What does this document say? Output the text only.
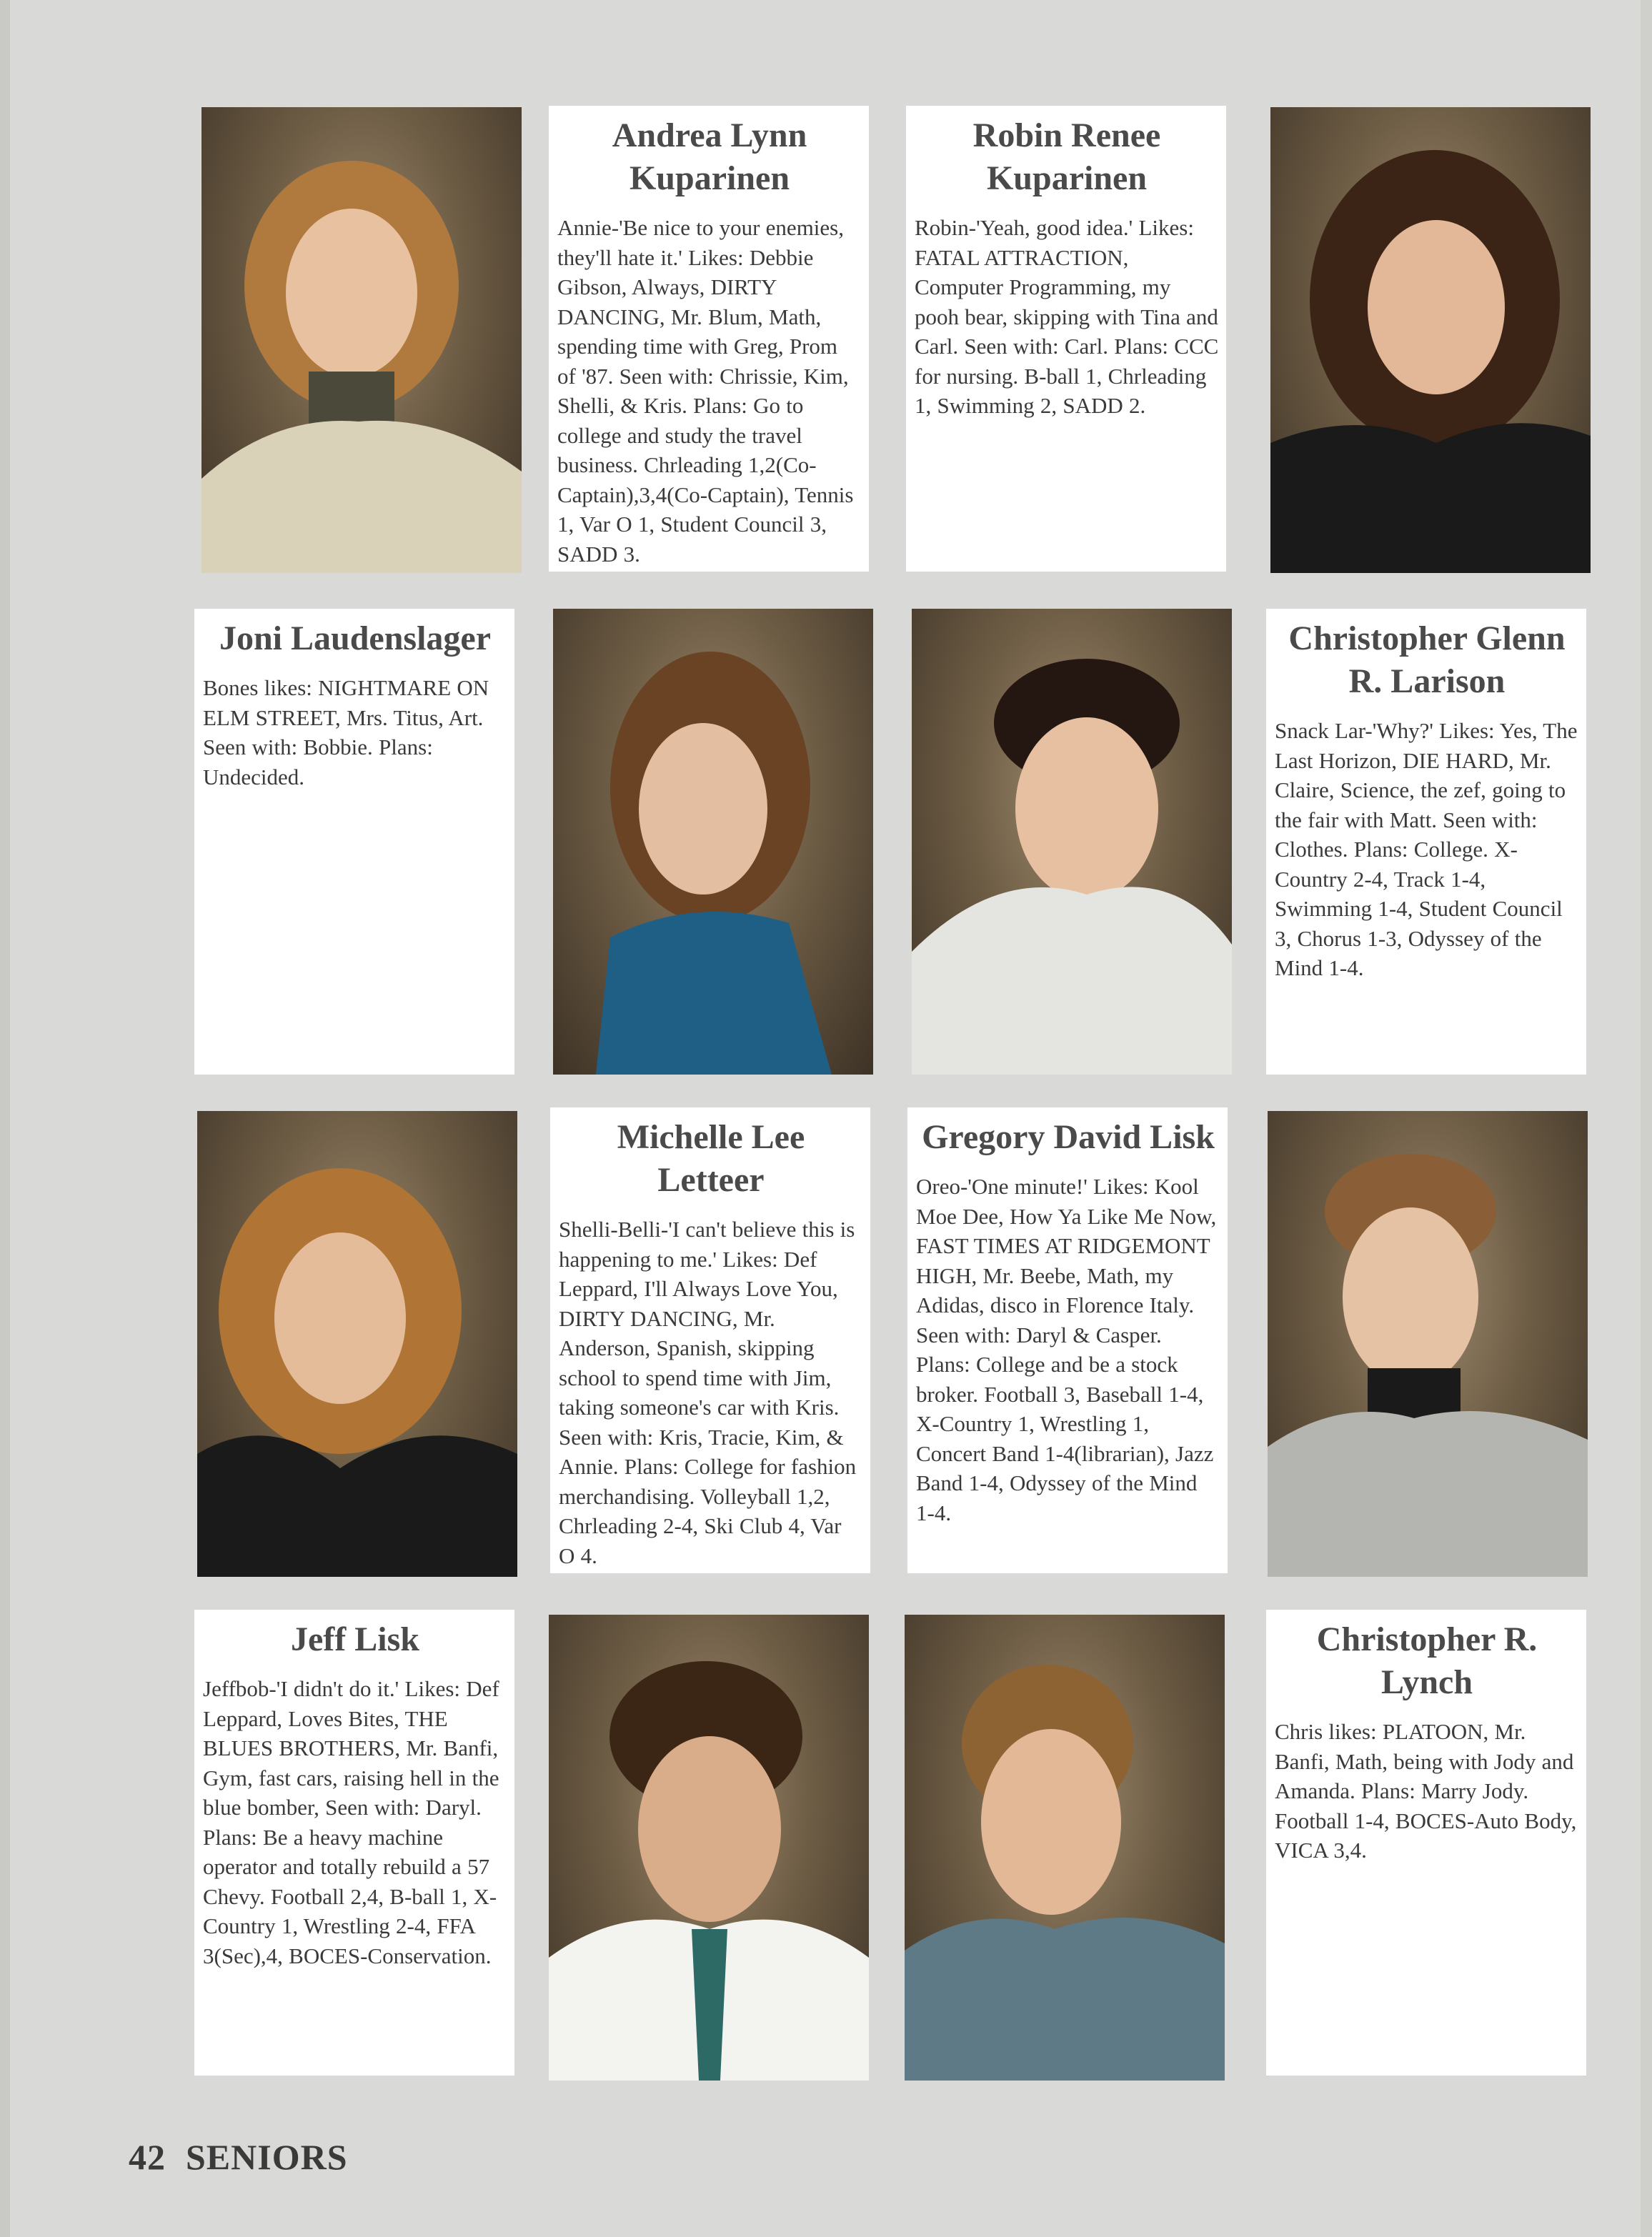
Andrea Lynn Kuparinen

Annie-'Be nice to your enemies, they'll hate it.' Likes: Debbie Gibson, Always, DIRTY DANCING, Mr. Blum, Math, spending time with Greg, Prom of '87. Seen with: Chrissie, Kim, Shelli, & Kris. Plans: Go to college and study the travel business. Chrleading 1,2(Co-Captain),3,4(Co-Captain), Tennis 1, Var O 1, Student Council 3, SADD 3.

Robin Renee Kuparinen

Robin-'Yeah, good idea.' Likes: FATAL ATTRACTION, Computer Programming, my pooh bear, skipping with Tina and Carl. Seen with: Carl. Plans: CCC for nursing. B-ball 1, Chrleading 1, Swimming 2, SADD 2.

Joni Laudenslager

Bones likes: NIGHTMARE ON ELM STREET, Mrs. Titus, Art. Seen with: Bobbie. Plans: Undecided.

Christopher Glenn R. Larison

Snack Lar-'Why?' Likes: Yes, The Last Horizon, DIE HARD, Mr. Claire, Science, the zef, going to the fair with Matt. Seen with: Clothes. Plans: College. X-Country 2-4, Track 1-4, Swimming 1-4, Student Council 3, Chorus 1-3, Odyssey of the Mind 1-4.

Michelle Lee Letteer

Shelli-Belli-'I can't believe this is happening to me.' Likes: Def Leppard, I'll Always Love You, DIRTY DANCING, Mr. Anderson, Spanish, skipping school to spend time with Jim, taking someone's car with Kris. Seen with: Kris, Tracie, Kim, & Annie. Plans: College for fashion merchandising. Volleyball 1,2, Chrleading 2-4, Ski Club 4, Var O 4.

Gregory David Lisk

Oreo-'One minute!' Likes: Kool Moe Dee, How Ya Like Me Now, FAST TIMES AT RIDGEMONT HIGH, Mr. Beebe, Math, my Adidas, disco in Florence Italy. Seen with: Daryl & Casper. Plans: College and be a stock broker. Football 3, Baseball 1-4, X-Country 1, Wrestling 1, Concert Band 1-4(librarian), Jazz Band 1-4, Odyssey of the Mind 1-4.

Jeff Lisk

Jeffbob-'I didn't do it.' Likes: Def Leppard, Loves Bites, THE BLUES BROTHERS, Mr. Banfi, Gym, fast cars, raising hell in the blue bomber, Seen with: Daryl. Plans: Be a heavy machine operator and totally rebuild a 57 Chevy. Football 2,4, B-ball 1, X-Country 1, Wrestling 2-4, FFA 3(Sec),4, BOCES-Conservation.

Christopher R. Lynch

Chris likes: PLATOON, Mr. Banfi, Math, being with Jody and Amanda. Plans: Marry Jody. Football 1-4, BOCES-Auto Body, VICA 3,4.

42 SENIORS
